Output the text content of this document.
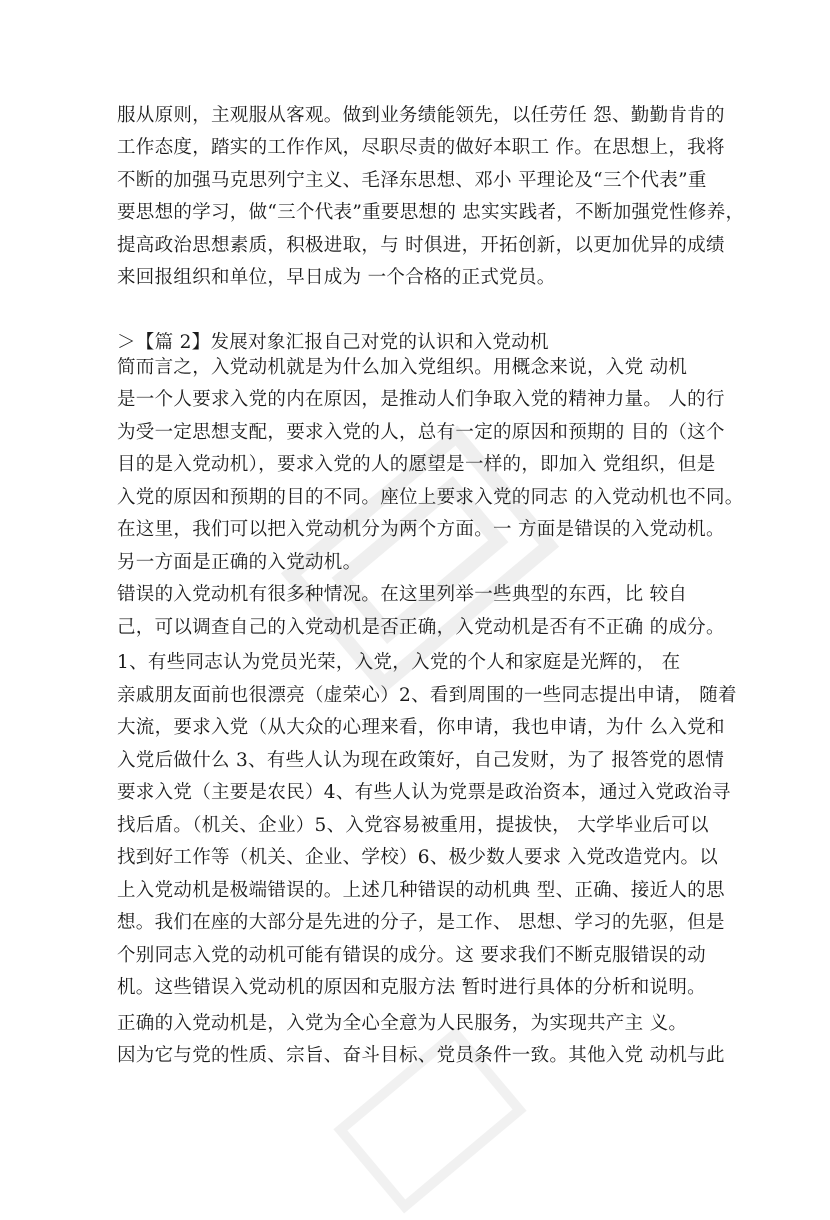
服从原则，主观服从客观。做到业务绩能领先，以任劳任 怨、勤勤肯肯的
工作态度，踏实的工作作风，尽职尽责的做好本职工 作。在思想上，我将
不断的加强马克思列宁主义、毛泽东思想、邓小 平理论及“三个代表”重
要思想的学习，做“三个代表”重要思想的 忠实实践者，不断加强党性修养，
提高政治思想素质，积极进取，与 时俱进，开拓创新，以更加优异的成绩
来回报组织和单位，早日成为 一个合格的正式党员。
＞【篇 2】发展对象汇报自己对党的认识和入党动机
简而言之，入党动机就是为什么加入党组织。用概念来说，入党 动机
是一个人要求入党的内在原因，是推动人们争取入党的精神力量。 人的行
为受一定思想支配，要求入党的人，总有一定的原因和预期的 目的（这个
目的是入党动机），要求入党的人的愿望是一样的，即加入 党组织，但是
入党的原因和预期的目的不同。座位上要求入党的同志 的入党动机也不同。
在这里，我们可以把入党动机分为两个方面。一 方面是错误的入党动机。
另一方面是正确的入党动机。
错误的入党动机有很多种情况。在这里列举一些典型的东西，比 较自
己，可以调查自己的入党动机是否正确，入党动机是否有不正确 的成分。
1、有些同志认为党员光荣，入党，入党的个人和家庭是光辉的， 在
亲戚朋友面前也很漂亮（虚荣心）2、看到周围的一些同志提出申请， 随着
大流，要求入党（从大众的心理来看，你申请，我也申请，为什 么入党和
入党后做什么 3、有些人认为现在政策好，自己发财，为了 报答党的恩情
要求入党（主要是农民）4、有些人认为党票是政治资本，通过入党政治寻
找后盾。（机关、企业）5、入党容易被重用，提拔快， 大学毕业后可以
找到好工作等（机关、企业、学校）6、极少数人要求 入党改造党内。以
上入党动机是极端错误的。上述几种错误的动机典 型、正确、接近人的思
想。我们在座的大部分是先进的分子，是工作、 思想、学习的先驱，但是
个别同志入党的动机可能有错误的成分。这 要求我们不断克服错误的动
机。这些错误入党动机的原因和克服方法 暂时进行具体的分析和说明。
正确的入党动机是，入党为全心全意为人民服务，为实现共产主 义。
因为它与党的性质、宗旨、奋斗目标、党员条件一致。其他入党 动机与此
